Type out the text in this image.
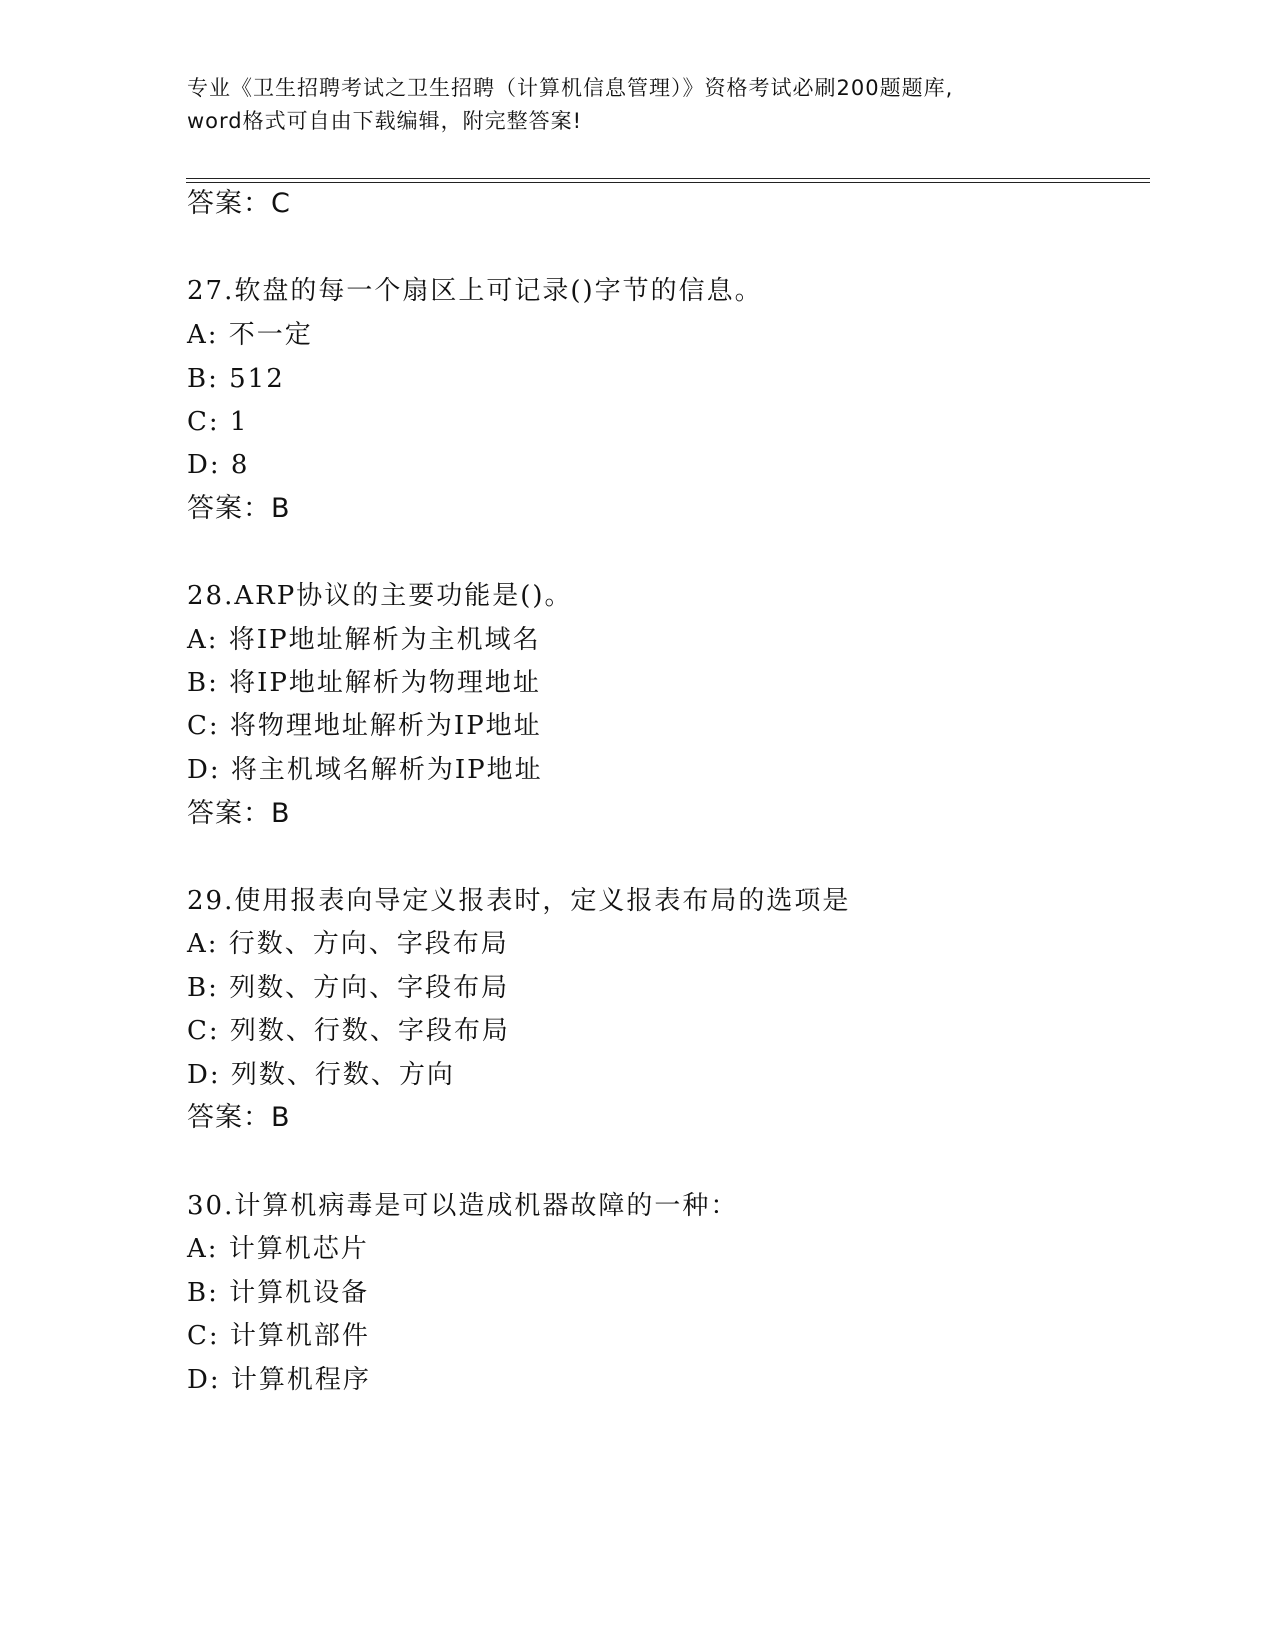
专业《卫生招聘考试之卫生招聘（计算机信息管理）》资格考试必刷200题题库,
word格式可自由下载编辑，附完整答案!
答案：C
27.软盘的每一个扇区上可记录()字节的信息。
A: 不一定
B: 512
C: 1
D: 8
答案：B
28.ARP协议的主要功能是()。
A: 将IP地址解析为主机域名
B: 将IP地址解析为物理地址
C: 将物理地址解析为IP地址
D: 将主机域名解析为IP地址
答案：B
29.使用报表向导定义报表时，定义报表布局的选项是
A: 行数、方向、字段布局
B: 列数、方向、字段布局
C: 列数、行数、字段布局
D: 列数、行数、方向
答案：B
30.计算机病毒是可以造成机器故障的一种：
A: 计算机芯片
B: 计算机设备
C: 计算机部件
D: 计算机程序
